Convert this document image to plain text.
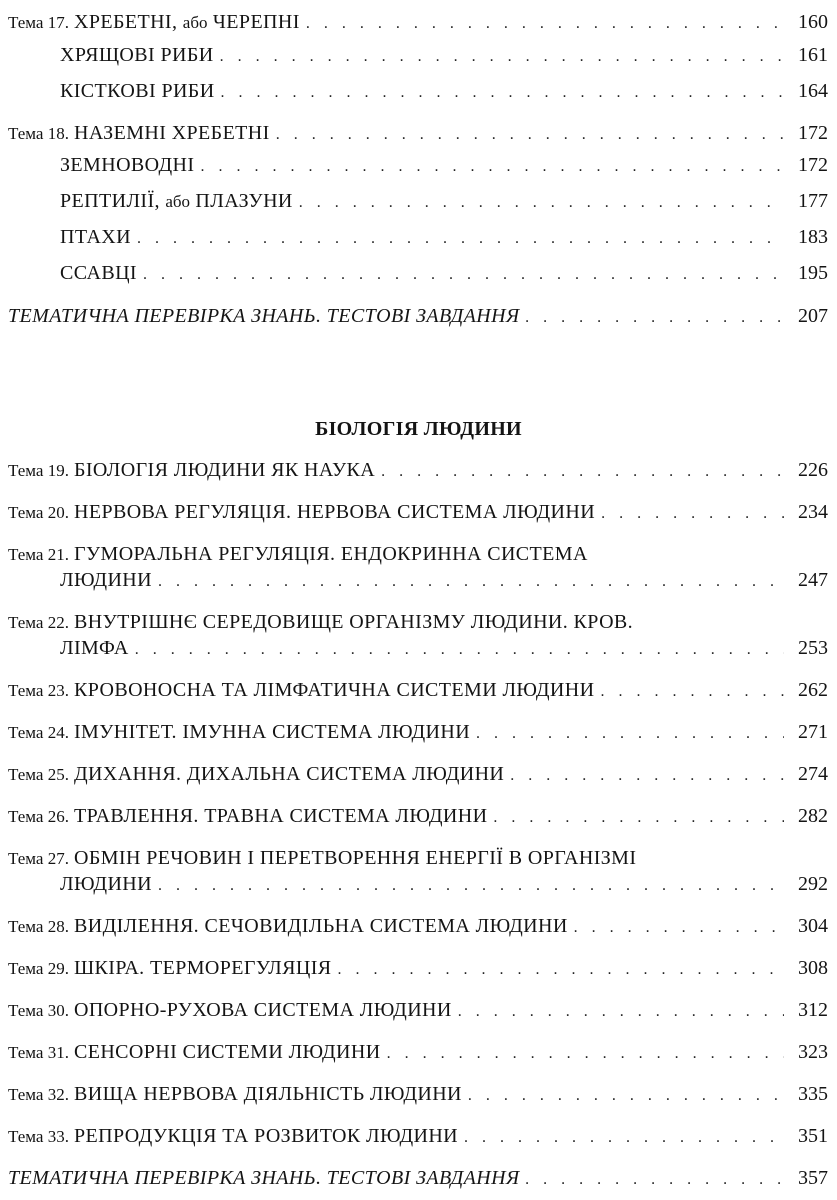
Тема 17. ХРЕБЕТНІ, або ЧЕРЕПНІ . . .	160
ХРЯЩОВІ РИБИ . . .	161
КІСТКОВІ РИБИ . . .	164
Тема 18. НАЗЕМНІ ХРЕБЕТНІ . . .	172
ЗЕМНОВОДНІ . . .	172
РЕПТИЛІЇ, або ПЛАЗУНИ . . .	177
ПТАХИ . . .	183
ССАВЦІ . . .	195
ТЕМАТИЧНА ПЕРЕВІРКА ЗНАНЬ. ТЕСТОВІ ЗАВДАННЯ . . .	207
БІОЛОГІЯ ЛЮДИНИ
Тема 19. БІОЛОГІЯ ЛЮДИНИ ЯК НАУКА . . .	226
Тема 20. НЕРВОВА РЕГУЛЯЦІЯ. НЕРВОВА СИСТЕМА ЛЮДИНИ . . .	234
Тема 21. ГУМОРАЛЬНА РЕГУЛЯЦІЯ. ЕНДОКРИННА СИСТЕМА
ЛЮДИНИ . . .	247
Тема 22. ВНУТРІШНЄ СЕРЕДОВИЩЕ ОРГАНІЗМУ ЛЮДИНИ. КРОВ.
ЛІМФА . . .	253
Тема 23. КРОВОНОСНА ТА ЛІМФАТИЧНА СИСТЕМИ ЛЮДИНИ . . .	262
Тема 24. ІМУНІТЕТ. ІМУННА СИСТЕМА ЛЮДИНИ . . .	271
Тема 25. ДИХАННЯ. ДИХАЛЬНА СИСТЕМА ЛЮДИНИ . . .	274
Тема 26. ТРАВЛЕННЯ. ТРАВНА СИСТЕМА ЛЮДИНИ . . .	282
Тема 27. ОБМІН РЕЧОВИН І ПЕРЕТВОРЕННЯ ЕНЕРГІЇ В ОРГАНІЗМІ
ЛЮДИНИ . . .	292
Тема 28. ВИДІЛЕННЯ. СЕЧОВИДІЛЬНА СИСТЕМА ЛЮДИНИ . . .	304
Тема 29. ШКІРА. ТЕРМОРЕГУЛЯЦІЯ . . .	308
Тема 30. ОПОРНО-РУХОВА СИСТЕМА ЛЮДИНИ . . .	312
Тема 31. СЕНСОРНІ СИСТЕМИ ЛЮДИНИ . . .	323
Тема 32. ВИЩА НЕРВОВА ДІЯЛЬНІСТЬ ЛЮДИНИ . . .	335
Тема 33. РЕПРОДУКЦІЯ ТА РОЗВИТОК ЛЮДИНИ . . .	351
ТЕМАТИЧНА ПЕРЕВІРКА ЗНАНЬ. ТЕСТОВІ ЗАВДАННЯ . . .	357
